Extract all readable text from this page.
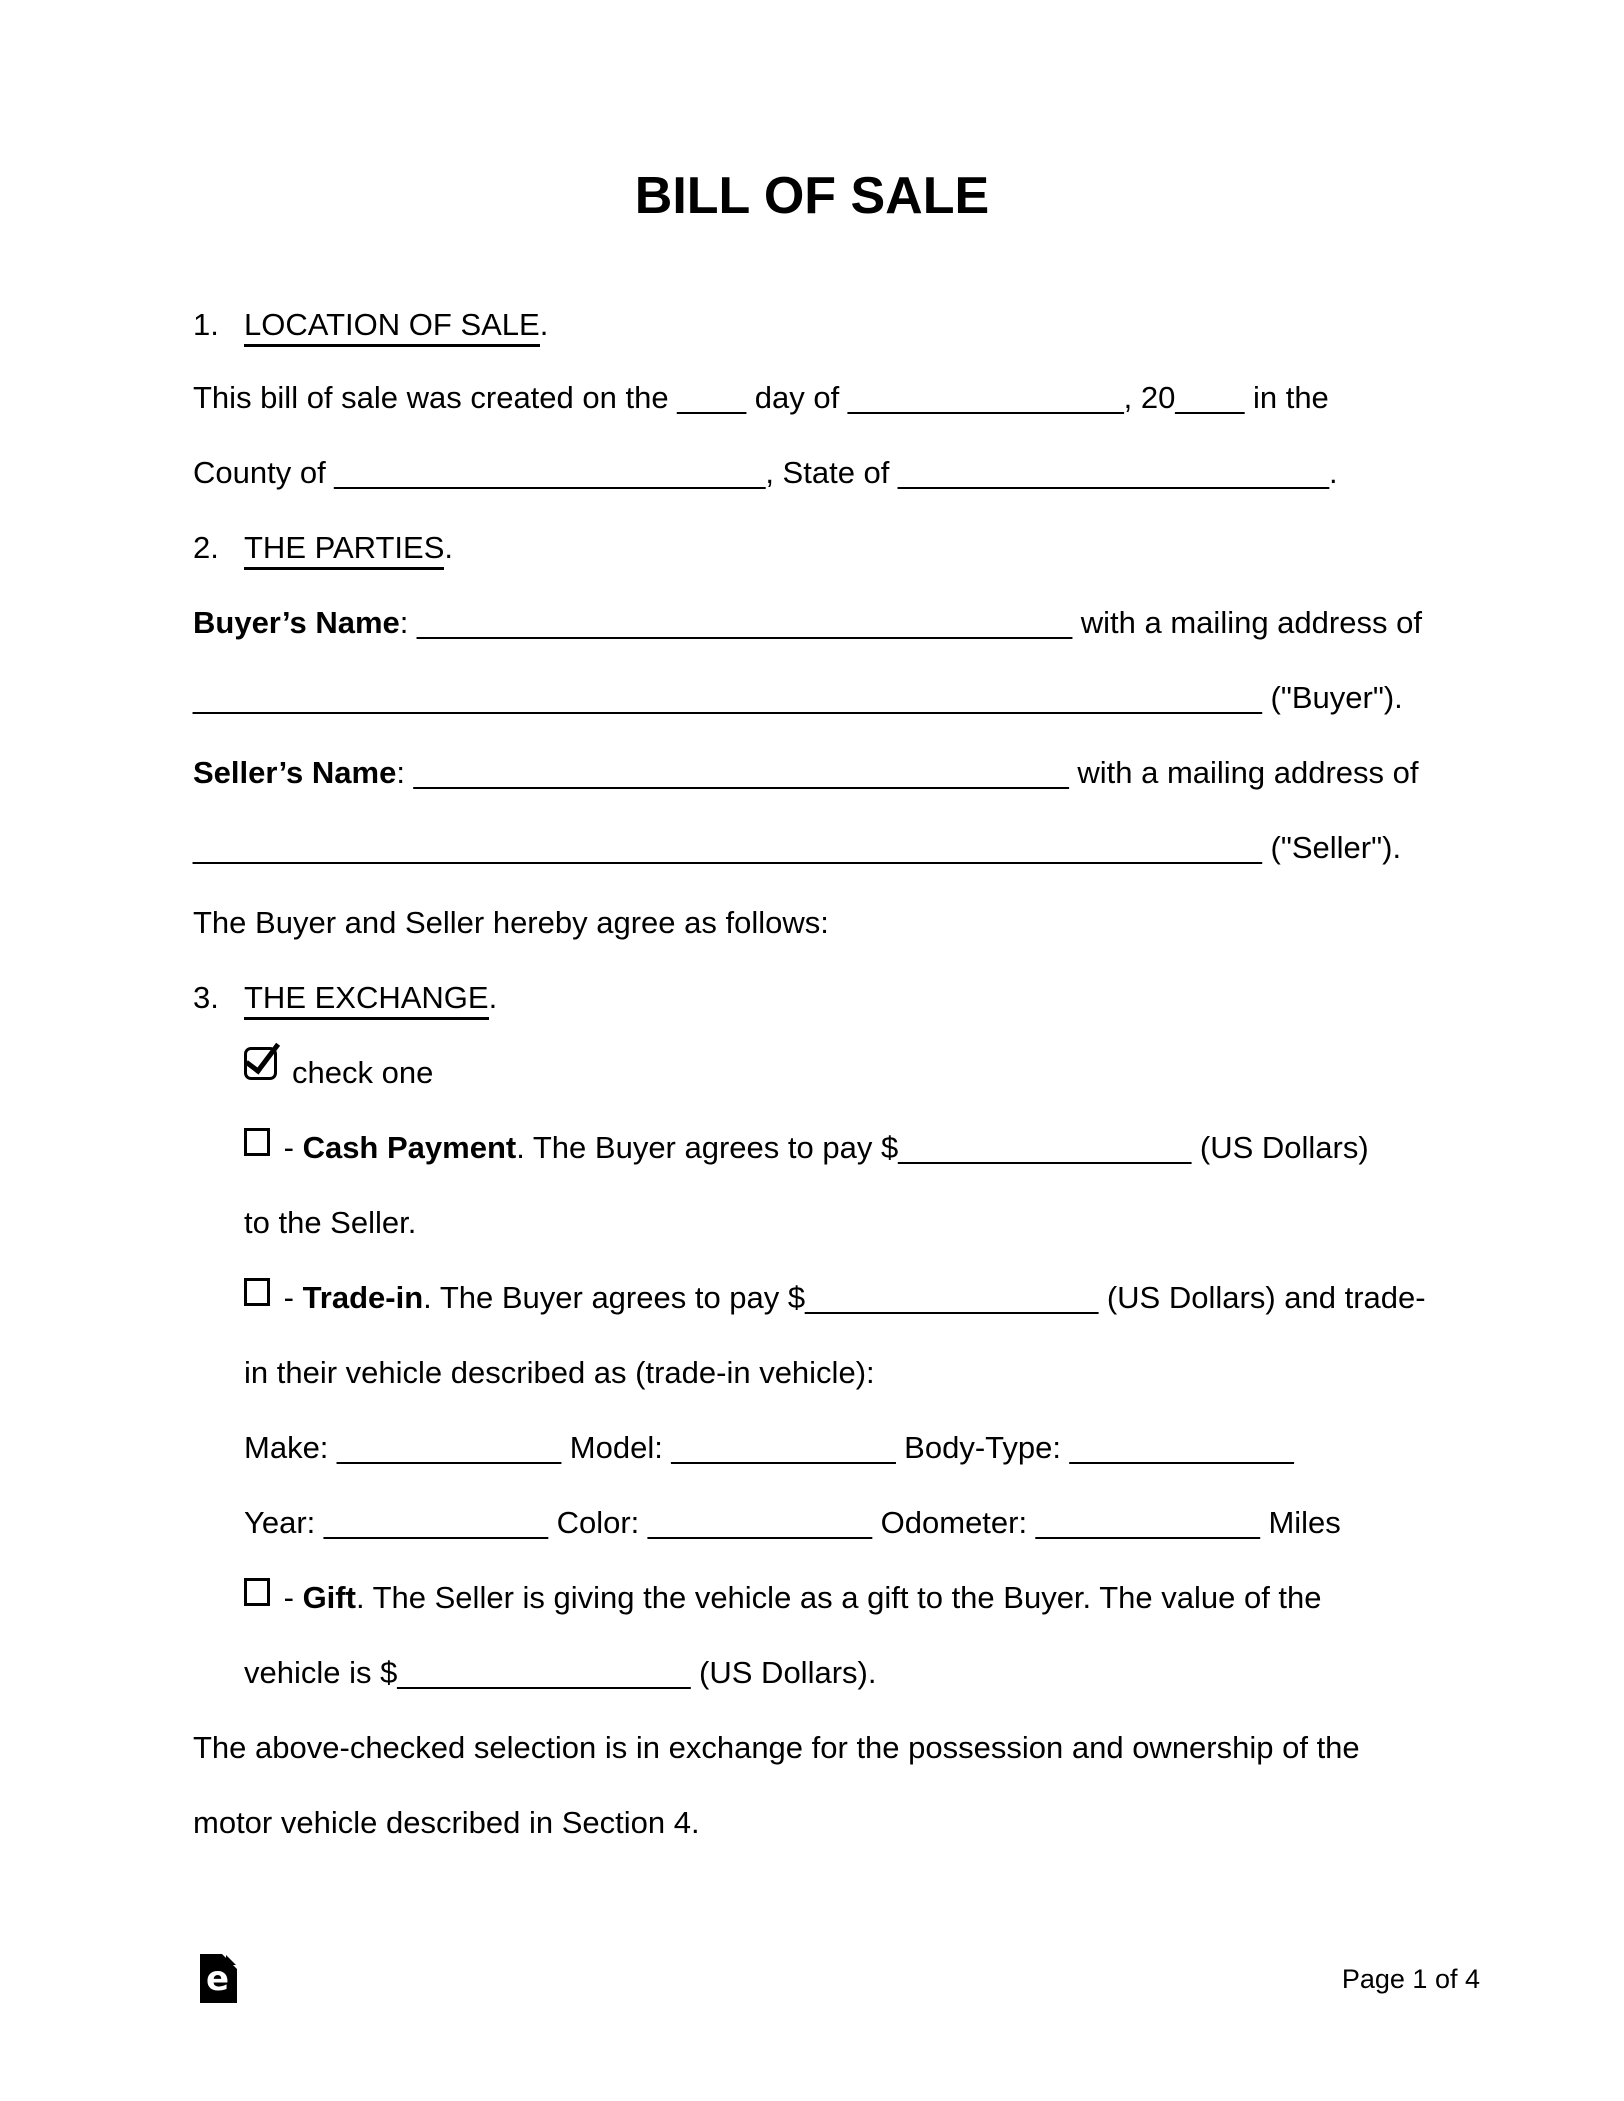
BILL OF SALE
1. LOCATION OF SALE.
This bill of sale was created on the ____ day of ________________, 20____ in the
County of _________________________, State of _________________________.
2. THE PARTIES.
Buyer’s Name: ______________________________________ with a mailing address of
______________________________________________________________ ("Buyer").
Seller’s Name: ______________________________________ with a mailing address of
______________________________________________________________ ("Seller").
The Buyer and Seller hereby agree as follows:
3. THE EXCHANGE.
check one
- Cash Payment. The Buyer agrees to pay $_________________ (US Dollars)
to the Seller.
- Trade-in. The Buyer agrees to pay $_________________ (US Dollars) and trade-
in their vehicle described as (trade-in vehicle):
Make: _____________ Model: _____________ Body-Type: _____________
Year: _____________ Color: _____________ Odometer: _____________ Miles
- Gift. The Seller is giving the vehicle as a gift to the Buyer. The value of the
vehicle is $_________________ (US Dollars).
The above-checked selection is in exchange for the possession and ownership of the
motor vehicle described in Section 4.
e	Page 1 of 4
